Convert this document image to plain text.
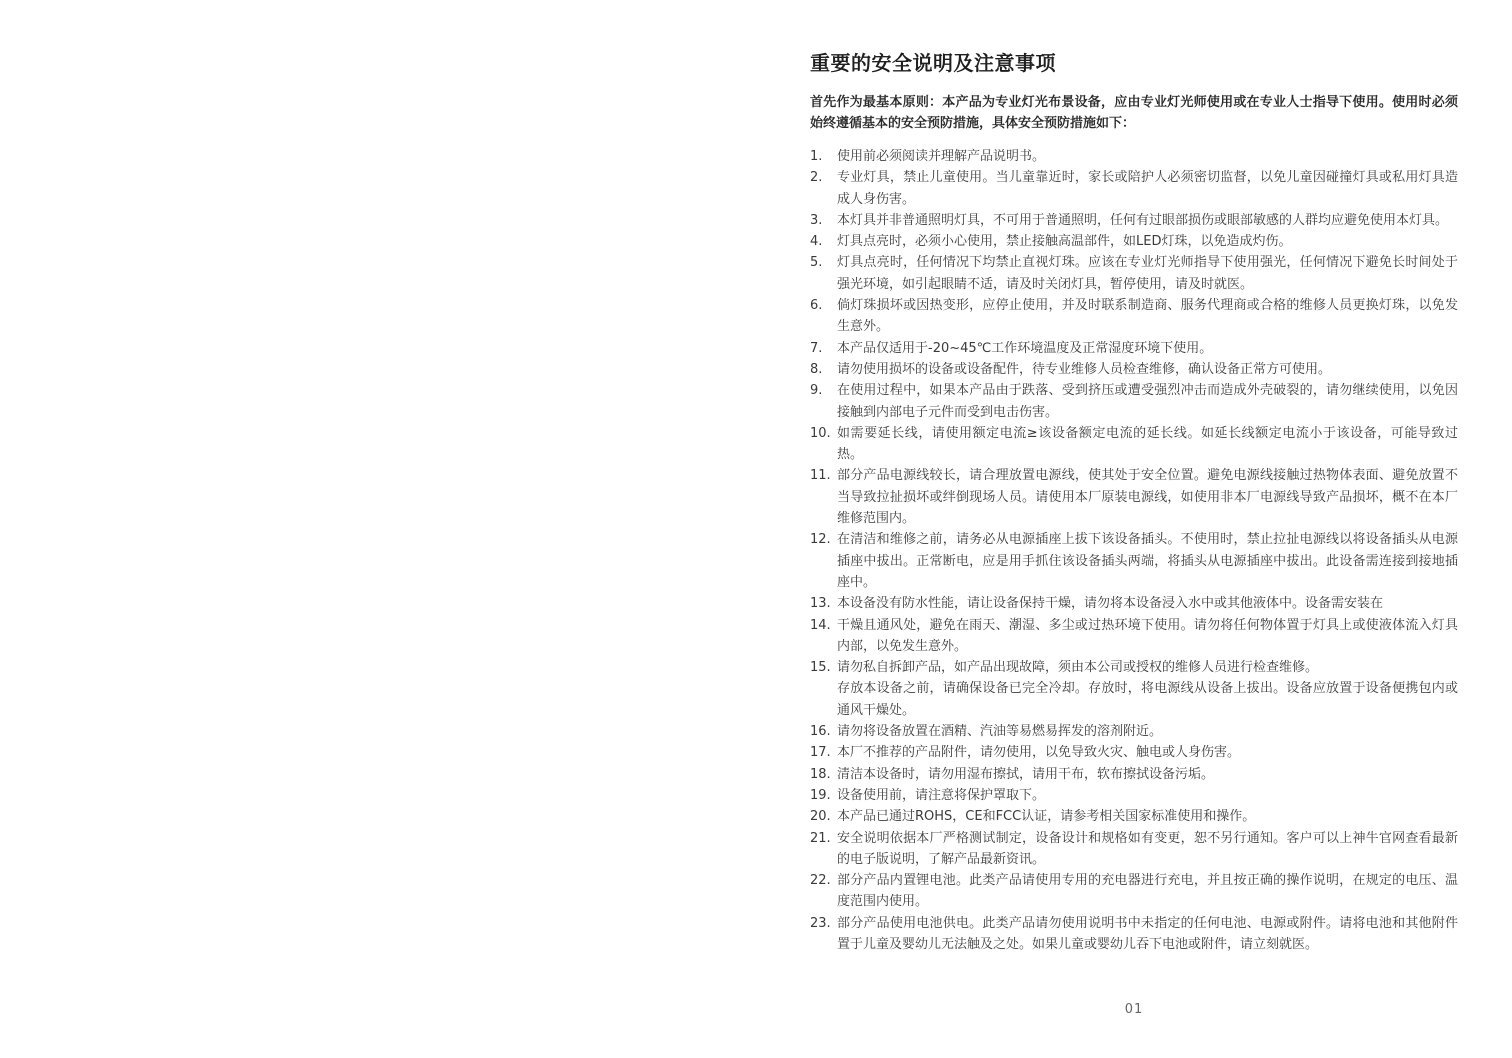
重要的安全说明及注意事项

首先作为最基本原则：本产品为专业灯光布景设备，应由专业灯光师使用或在专业人士指导下使用。使用时必须始终遵循基本的安全预防措施，具体安全预防措施如下：

1.	使用前必须阅读并理解产品说明书。
2.	专业灯具，禁止儿童使用。当儿童靠近时，家长或陪护人必须密切监督，以免儿童因碰撞灯具或私用灯具造成人身伤害。
3.	本灯具并非普通照明灯具，不可用于普通照明，任何有过眼部损伤或眼部敏感的人群均应避免使用本灯具。
4.	灯具点亮时，必须小心使用，禁止接触高温部件，如LED灯珠，以免造成灼伤。
5.	灯具点亮时，任何情况下均禁止直视灯珠。应该在专业灯光师指导下使用强光，任何情况下避免长时间处于强光环境，如引起眼睛不适，请及时关闭灯具，暂停使用，请及时就医。
6.	倘灯珠损坏或因热变形，应停止使用，并及时联系制造商、服务代理商或合格的维修人员更换灯珠，以免发生意外。
7.	本产品仅适用于-20~45℃工作环境温度及正常湿度环境下使用。
8.	请勿使用损坏的设备或设备配件，待专业维修人员检查维修，确认设备正常方可使用。
9.	在使用过程中，如果本产品由于跌落、受到挤压或遭受强烈冲击而造成外壳破裂的，请勿继续使用，以免因接触到内部电子元件而受到电击伤害。
10. 如需要延长线，请使用额定电流≥该设备额定电流的延长线。如延长线额定电流小于该设备，可能导致过热。
11. 部分产品电源线较长，请合理放置电源线，使其处于安全位置。避免电源线接触过热物体表面、避免放置不当导致拉扯损坏或绊倒现场人员。请使用本厂原装电源线，如使用非本厂电源线导致产品损坏，概不在本厂维修范围内。
12. 在清洁和维修之前，请务必从电源插座上拔下该设备插头。不使用时，禁止拉扯电源线以将设备插头从电源插座中拔出。正常断电，应是用手抓住该设备插头两端，将插头从电源插座中拔出。此设备需连接到接地插座中。
13. 本设备没有防水性能，请让设备保持干燥，请勿将本设备浸入水中或其他液体中。设备需安装在
14. 干燥且通风处，避免在雨天、潮湿、多尘或过热环境下使用。请勿将任何物体置于灯具上或使液体流入灯具内部，以免发生意外。
15. 请勿私自拆卸产品，如产品出现故障，须由本公司或授权的维修人员进行检查维修。
存放本设备之前，请确保设备已完全冷却。存放时，将电源线从设备上拔出。设备应放置于设备便携包内或通风干燥处。
16. 请勿将设备放置在酒精、汽油等易燃易挥发的溶剂附近。
17. 本厂不推荐的产品附件，请勿使用，以免导致火灾、触电或人身伤害。
18. 清洁本设备时，请勿用湿布擦拭，请用干布，软布擦拭设备污垢。
19. 设备使用前，请注意将保护罩取下。
20. 本产品已通过ROHS，CE和FCC认证，请参考相关国家标准使用和操作。
21. 安全说明依据本厂严格测试制定，设备设计和规格如有变更，恕不另行通知。客户可以上神牛官网查看最新的电子版说明，了解产品最新资讯。
22. 部分产品内置锂电池。此类产品请使用专用的充电器进行充电，并且按正确的操作说明，在规定的电压、温度范围内使用。
23. 部分产品使用电池供电。此类产品请勿使用说明书中未指定的任何电池、电源或附件。请将电池和其他附件置于儿童及婴幼儿无法触及之处。如果儿童或婴幼儿吞下电池或附件，请立刻就医。
01
